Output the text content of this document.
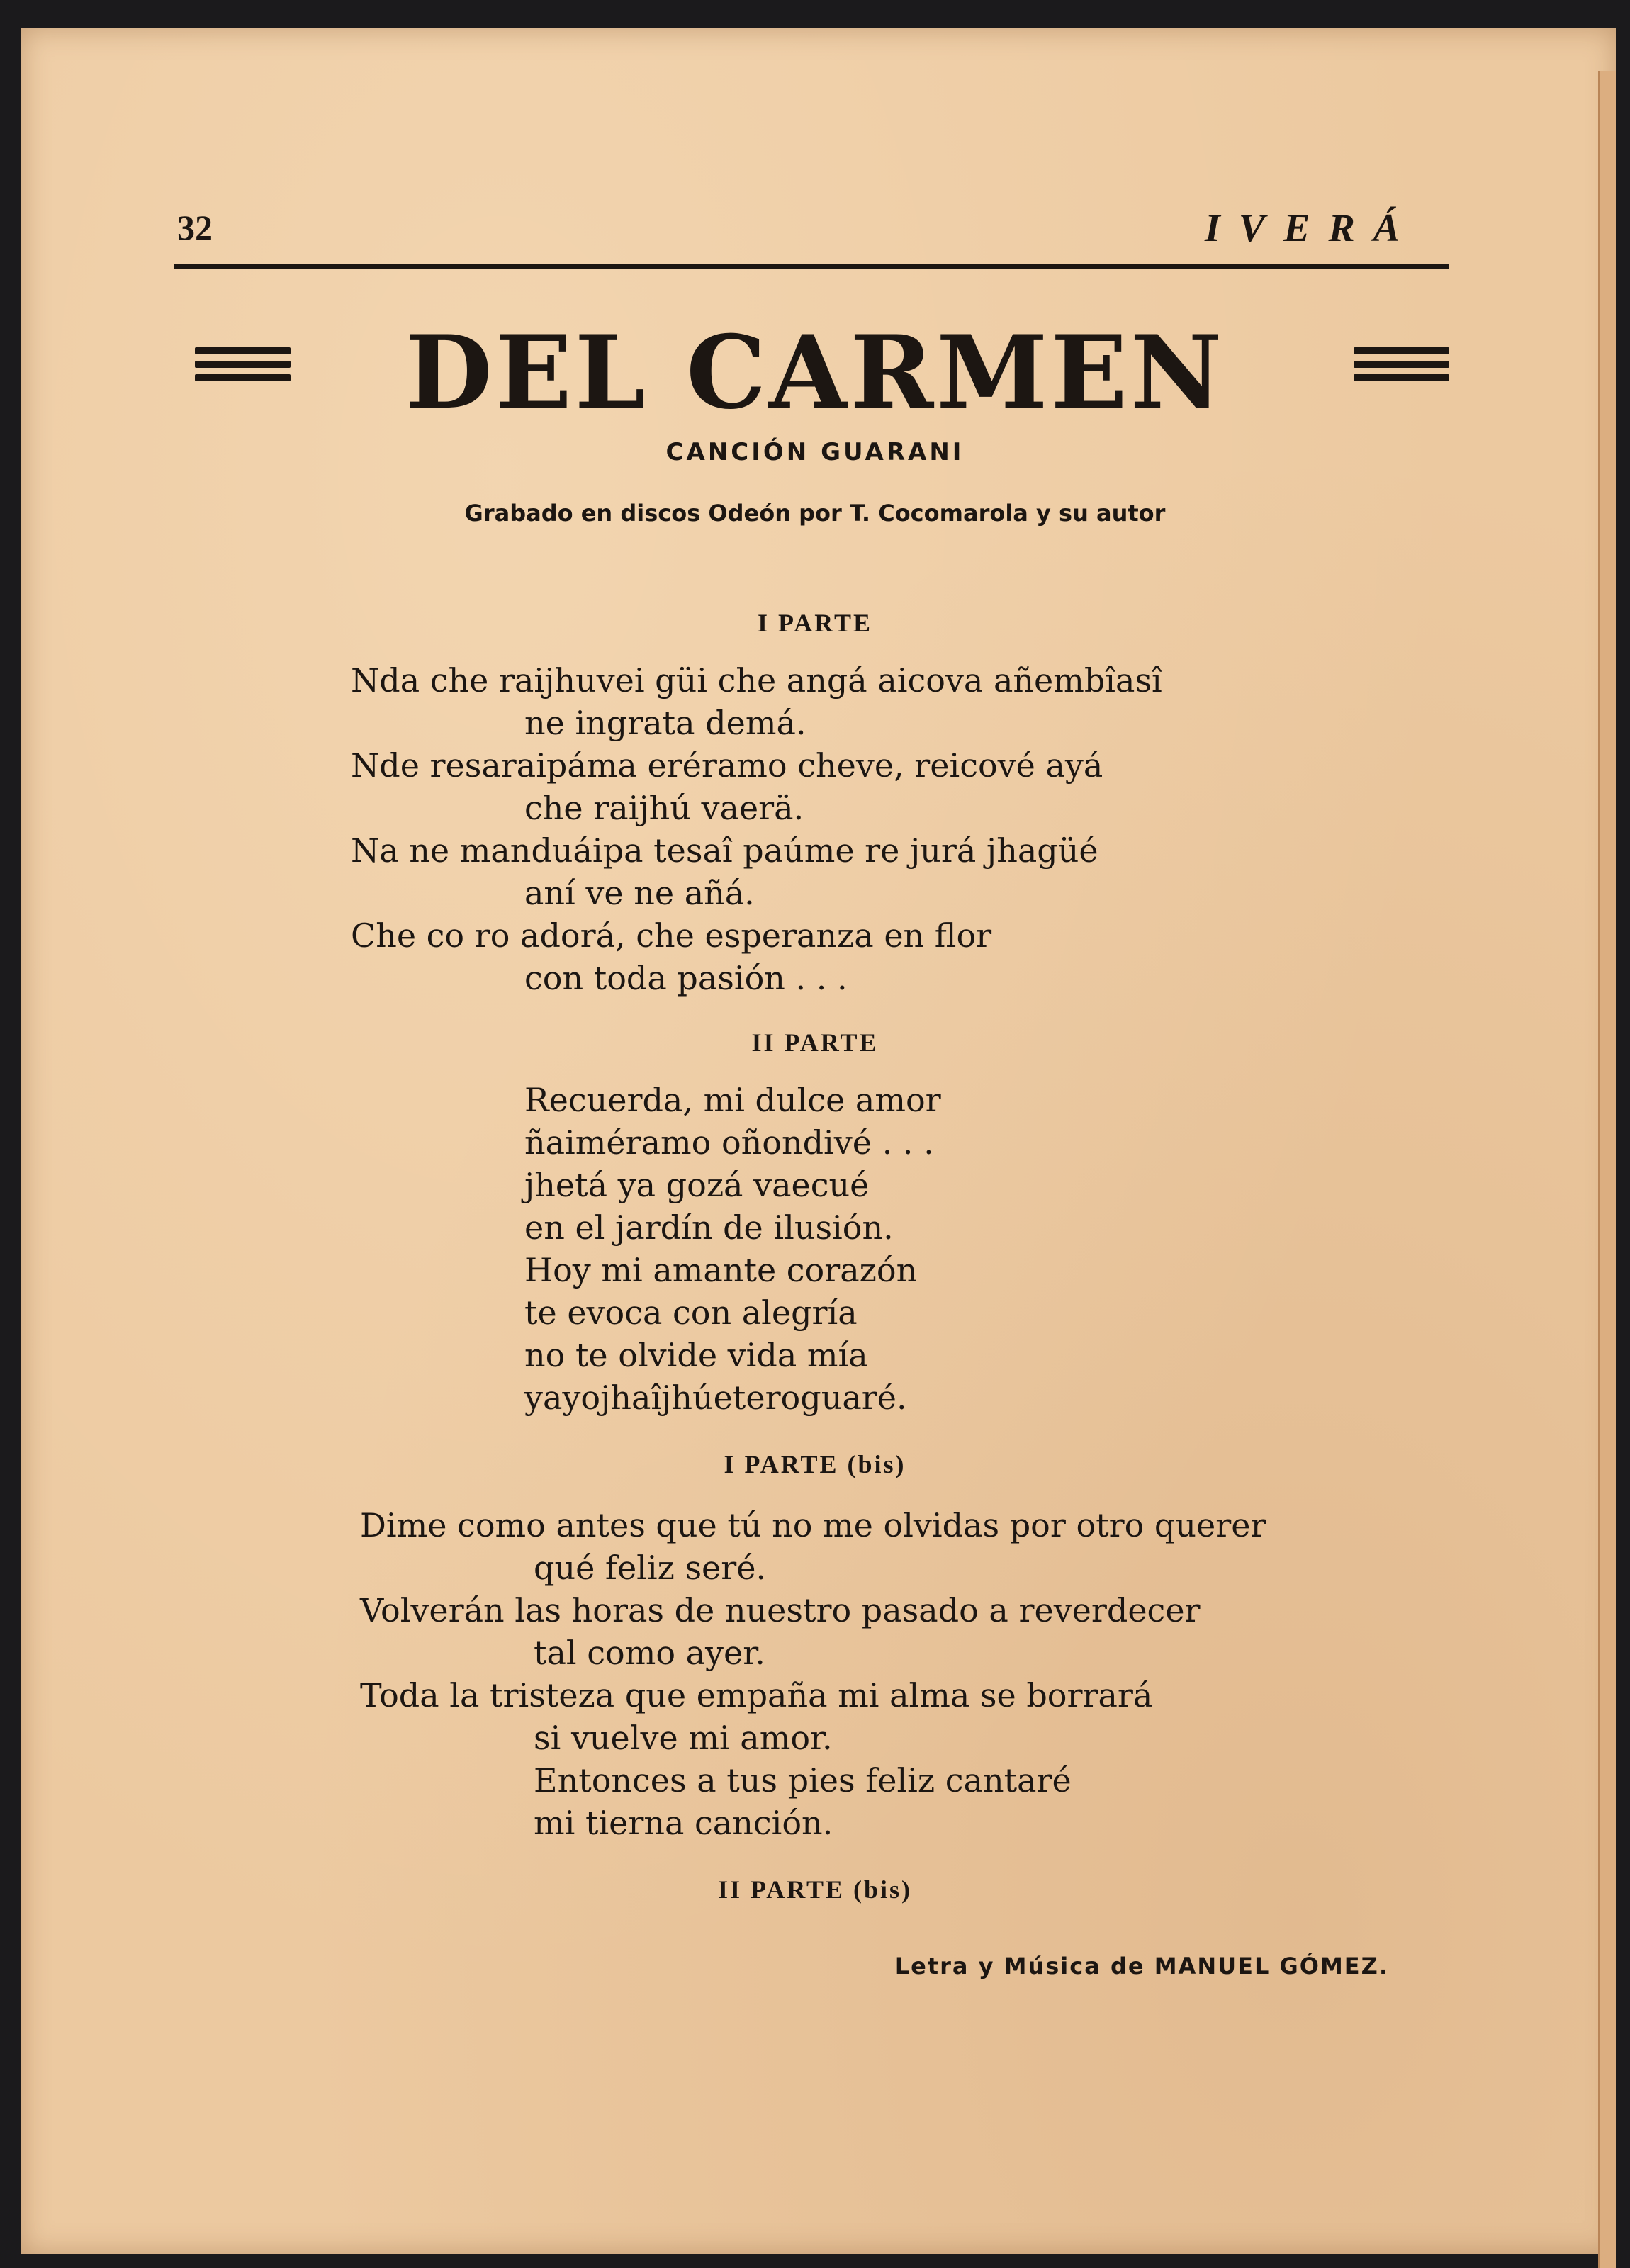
32	IVERÁ
DEL CARMEN
CANCIÓN GUARANI
Grabado en discos Odeón por T. Cocomarola y su autor
I PARTE
Nda che raijhuvei güi che angá aicova añembîasî
ne ingrata demá.
Nde resaraipáma eréramo cheve, reicové ayá
che raijhú vaerä.
Na ne manduáipa tesaî paúme re jurá jhagüé
aní ve ne añá.
Che co ro adorá, che esperanza en flor
con toda pasión . . .
II PARTE
Recuerda, mi dulce amor
ñaiméramo oñondivé . . .
jhetá ya gozá vaecué
en el jardín de ilusión.
Hoy mi amante corazón
te evoca con alegría
no te olvide vida mía
yayojhaîjhúeteroguaré.
I PARTE (bis)
Dime como antes que tú no me olvidas por otro querer
qué feliz seré.
Volverán las horas de nuestro pasado a reverdecer
tal como ayer.
Toda la tristeza que empaña mi alma se borrará
si vuelve mi amor.
Entonces a tus pies feliz cantaré
mi tierna canción.
II PARTE (bis)
Letra y Música de MANUEL GÓMEZ.
